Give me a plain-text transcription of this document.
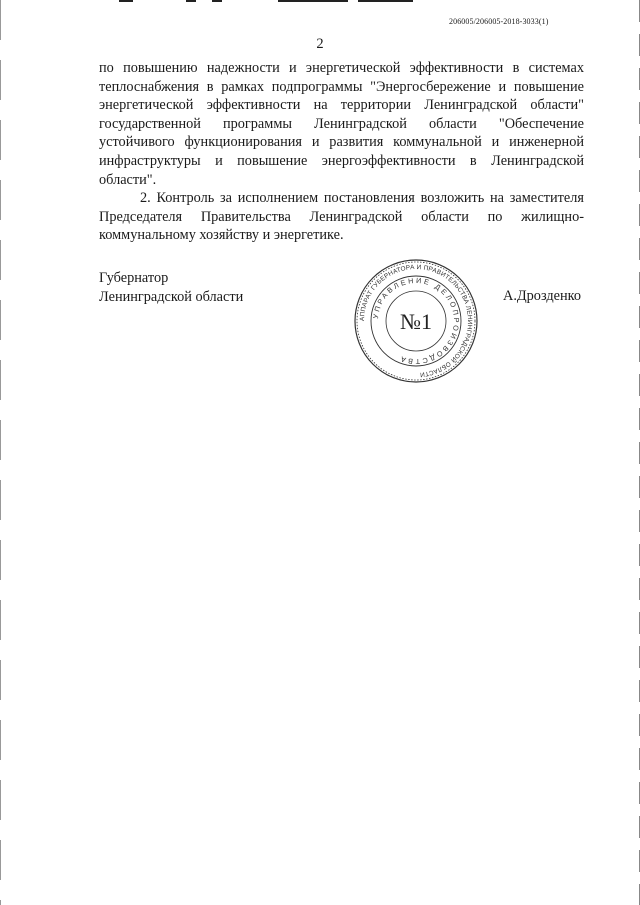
206005/206005-2018-3033(1)
2

по повышению надежности и энергетической эффективности в системах теплоснабжения в рамках подпрограммы "Энергосбережение и повышение энергетической эффективности на территории Ленинградской области" государственной программы Ленинградской области "Обеспечение устойчивого функционирования и развития коммунальной и инженерной инфраструктуры и повышение энергоэффективности в Ленинградской области".

2. Контроль за исполнением постановления возложить на заместителя Председателя Правительства Ленинградской области по жилищно-коммунальному хозяйству и энергетике.

Губернатор
Ленинградской области	А.Дрозденко
АППАРАТ ГУБЕРНАТОРА И ПРАВИТЕЛЬСТВА ЛЕНИНГРАДСКОЙ ОБЛАСТИ
УПРАВЛЕНИЕ ДЕЛОПРОИЗВОДСТВА
№1
